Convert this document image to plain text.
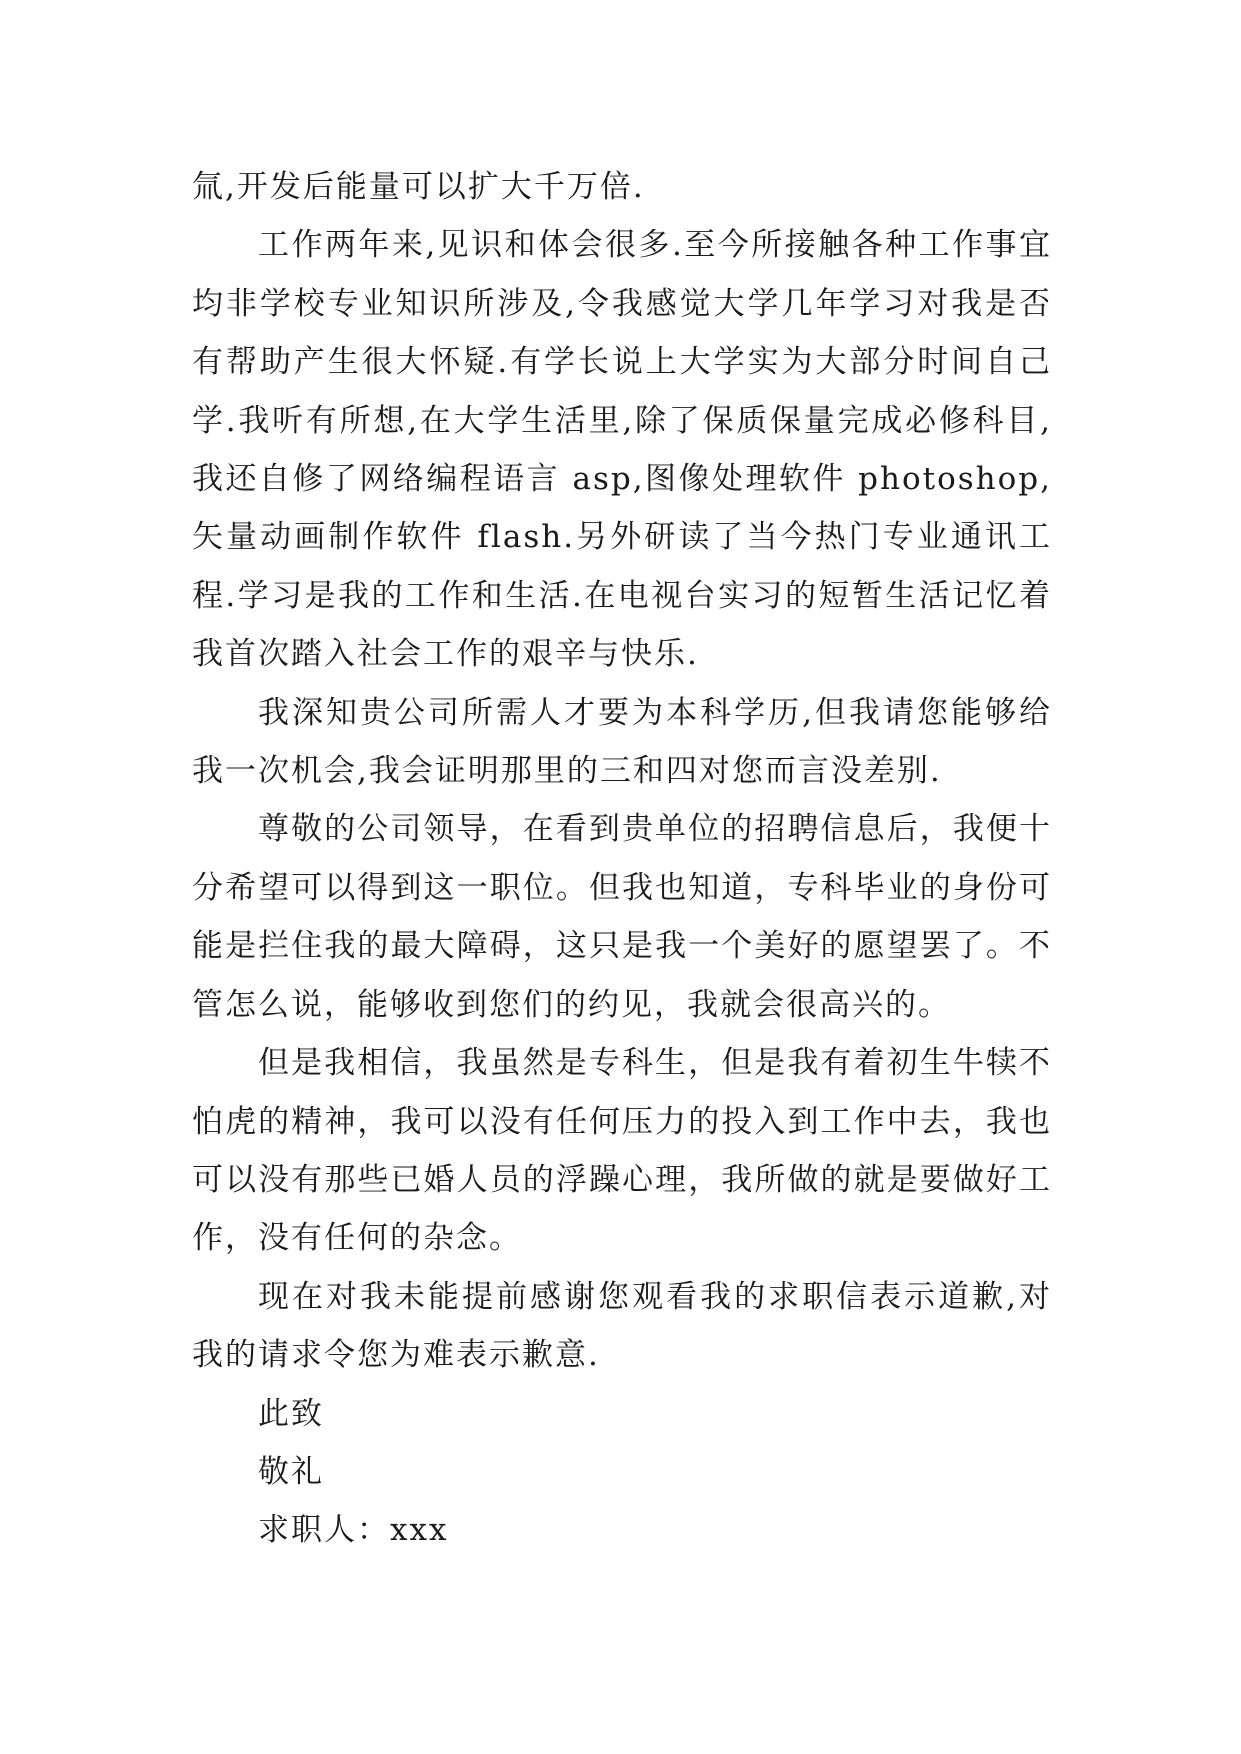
氚,开发后能量可以扩大千万倍.

工作两年来,见识和体会很多.至今所接触各种工作事宜均非学校专业知识所涉及,令我感觉大学几年学习对我是否有帮助产生很大怀疑.有学长说上大学实为大部分时间自己学.我听有所想,在大学生活里,除了保质保量完成必修科目,我还自修了网络编程语言 asp,图像处理软件 photoshop,矢量动画制作软件 flash.另外研读了当今热门专业通讯工程.学习是我的工作和生活.在电视台实习的短暂生活记忆着我首次踏入社会工作的艰辛与快乐.

我深知贵公司所需人才要为本科学历,但我请您能够给我一次机会,我会证明那里的三和四对您而言没差别.

尊敬的公司领导，在看到贵单位的招聘信息后，我便十分希望可以得到这一职位。但我也知道，专科毕业的身份可能是拦住我的最大障碍，这只是我一个美好的愿望罢了。不管怎么说，能够收到您们的约见，我就会很高兴的。

但是我相信，我虽然是专科生，但是我有着初生牛犊不怕虎的精神，我可以没有任何压力的投入到工作中去，我也可以没有那些已婚人员的浮躁心理，我所做的就是要做好工作，没有任何的杂念。

现在对我未能提前感谢您观看我的求职信表示道歉,对我的请求令您为难表示歉意.

此致

敬礼

求职人：xxx
